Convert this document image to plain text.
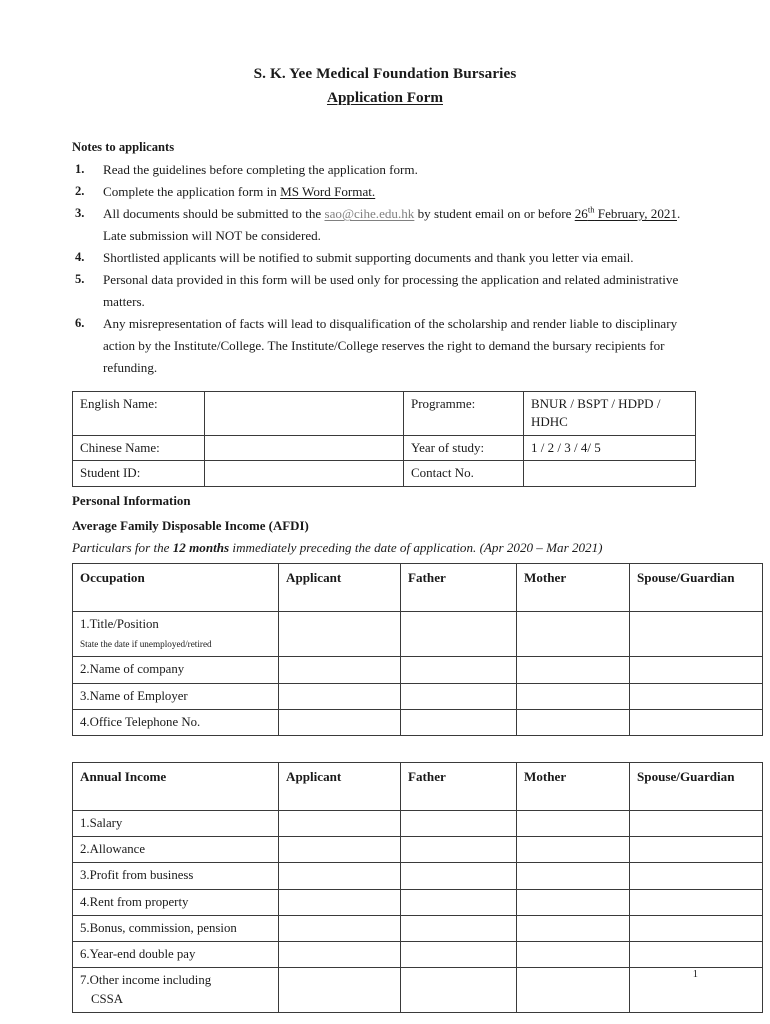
S. K. Yee Medical Foundation Bursaries
Application Form
Notes to applicants
1. Read the guidelines before completing the application form.
2. Complete the application form in MS Word Format.
3. All documents should be submitted to the sao@cihe.edu.hk by student email on or before 26th February, 2021. Late submission will NOT be considered.
4. Shortlisted applicants will be notified to submit supporting documents and thank you letter via email.
5. Personal data provided in this form will be used only for processing the application and related administrative matters.
6. Any misrepresentation of facts will lead to disqualification of the scholarship and render liable to disciplinary action by the Institute/College. The Institute/College reserves the right to demand the bursary recipients for refunding.
English Name:		Programme:	BNUR / BSPT / HDPD / HDHC
Chinese Name:		Year of study:	1 / 2 / 3 / 4/ 5
Student ID:		Contact No.	
Personal Information
Average Family Disposable Income (AFDI)
Particulars for the 12 months immediately preceding the date of application. (Apr 2020 – Mar 2021)
Occupation	Applicant	Father	Mother	Spouse/Guardian
1.Title/Position
State the date if unemployed/retired				

2.Name of company				
3.Name of Employer				
4.Office Telephone No.				
Annual Income	Applicant	Father	Mother	Spouse/Guardian
1.Salary				
2.Allowance				
3.Profit from business				
4.Rent from property				
5.Bonus, commission, pension				
6.Year-end double pay				
7.Other income including
CSSA				

1
